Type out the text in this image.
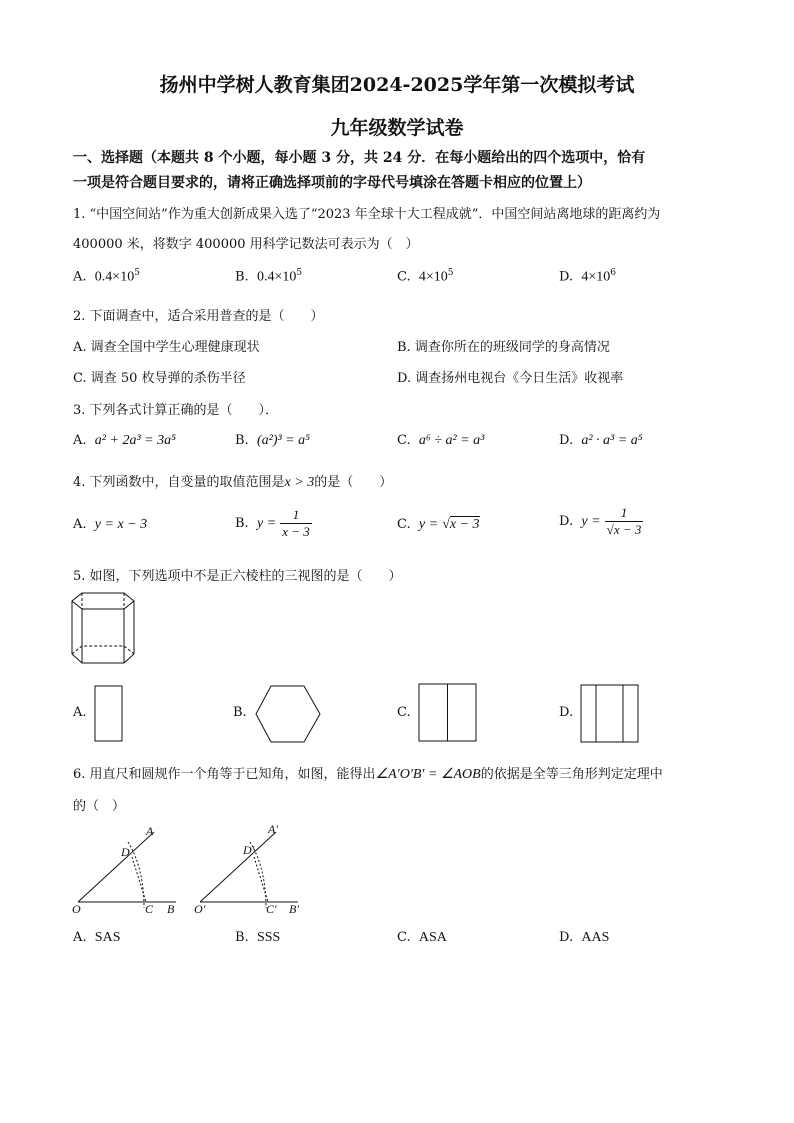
扬州中学树人教育集团2024-2025学年第一次模拟考试
九年级数学试卷
一、选择题（本题共 8 个小题，每小题 3 分，共 24 分．在每小题给出的四个选项中，恰有
一项是符合题目要求的，请将正确选择项前的字母代号填涂在答题卡相应的位置上）
1. “中国空间站”作为重大创新成果入选了“2023 年全球十大工程成就”．中国空间站离地球的距离约为
400000 米，将数字 400000 用科学记数法可表示为（　）
A. $0.4\times 10^5$	B. $0.4\times 10^5$	C. $4\times 10^5$	D. $4\times 10^6$
2. 下面调查中，适合采用普查的是（　　）
A. 调查全国中学生心理健康现状	B. 调查你所在的班级同学的身高情况
C. 调查 50 枚导弹的杀伤半径	D. 调查扬州电视台《今日生活》收视率
3. 下列各式计算正确的是（　　）．
A. a² + 2a³ = 3a⁵	B. (a²)³ = a⁵	C. a⁶ ÷ a² = a³	D. a² · a³ = a⁵
4. 下列函数中，自变量的取值范围是x > 3的是（　　）
A. y = x − 3	B. $y = \frac{1}{x - 3}$	C. y = √x − 3	D. $y = \frac{1}{√x - 3}$
5. 如图，下列选项中不是正六棱柱的三视图的是（　　）
A.	B.	C.	D.
6. 用直尺和圆规作一个角等于已知角，如图，能得出∠A′O′B′ = ∠AOB的依据是全等三角形判定定理中
的（　）
A
D
O	C B
A′
D′
O′	C′ B′
A. SAS	B. SSS	C. ASA	D. AAS
